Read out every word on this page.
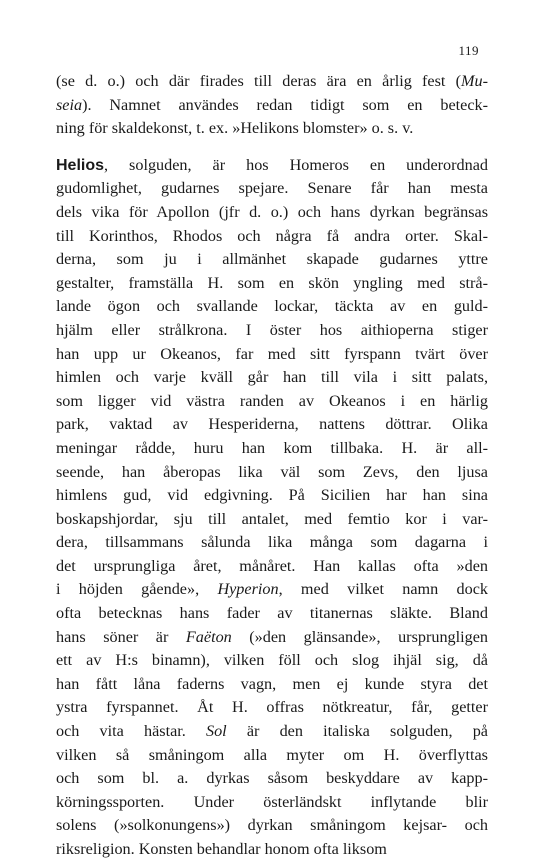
119
(se d. o.) och där firades till deras ära en årlig fest (Mu-
seia). Namnet användes redan tidigt som en beteck-
ning för skaldekonst, t. ex. »Helikons blomster» o. s. v.
Helios, solguden, är hos Homeros en underordnad
gudomlighet, gudarnes spejare. Senare får han mesta
dels vika för Apollon (jfr d. o.) och hans dyrkan begränsas
till Korinthos, Rhodos och några få andra orter. Skal-
derna, som ju i allmänhet skapade gudarnes yttre
gestalter, framställa H. som en skön yngling med strå-
lande ögon och svallande lockar, täckta av en guld-
hjälm eller strålkrona. I öster hos aithioperna stiger
han upp ur Okeanos, far med sitt fyrspann tvärt över
himlen och varje kväll går han till vila i sitt palats,
som ligger vid västra randen av Okeanos i en härlig
park, vaktad av Hesperiderna, nattens döttrar. Olika
meningar rådde, huru han kom tillbaka. H. är all-
seende, han åberopas lika väl som Zevs, den ljusa
himlens gud, vid edgivning. På Sicilien har han sina
boskapshjordar, sju till antalet, med femtio kor i var-
dera, tillsammans sålunda lika många som dagarna i
det ursprungliga året, månåret. Han kallas ofta »den
i höjden gående», Hyperion, med vilket namn dock
ofta betecknas hans fader av titanernas släkte. Bland
hans söner är Faëton (»den glänsande», ursprungligen
ett av H:s binamn), vilken föll och slog ihjäl sig, då
han fått låna faderns vagn, men ej kunde styra det
ystra fyrspannet. Åt H. offras nötkreatur, får, getter
och vita hästar. Sol är den italiska solguden, på
vilken så småningom alla myter om H. överflyttas
och som bl. a. dyrkas såsom beskyddare av kapp-
körningssporten. Under österländskt inflytande blir
solens (»solkonungens») dyrkan småningom kejsar- och
riksreligion. Konsten behandlar honom ofta liksom
